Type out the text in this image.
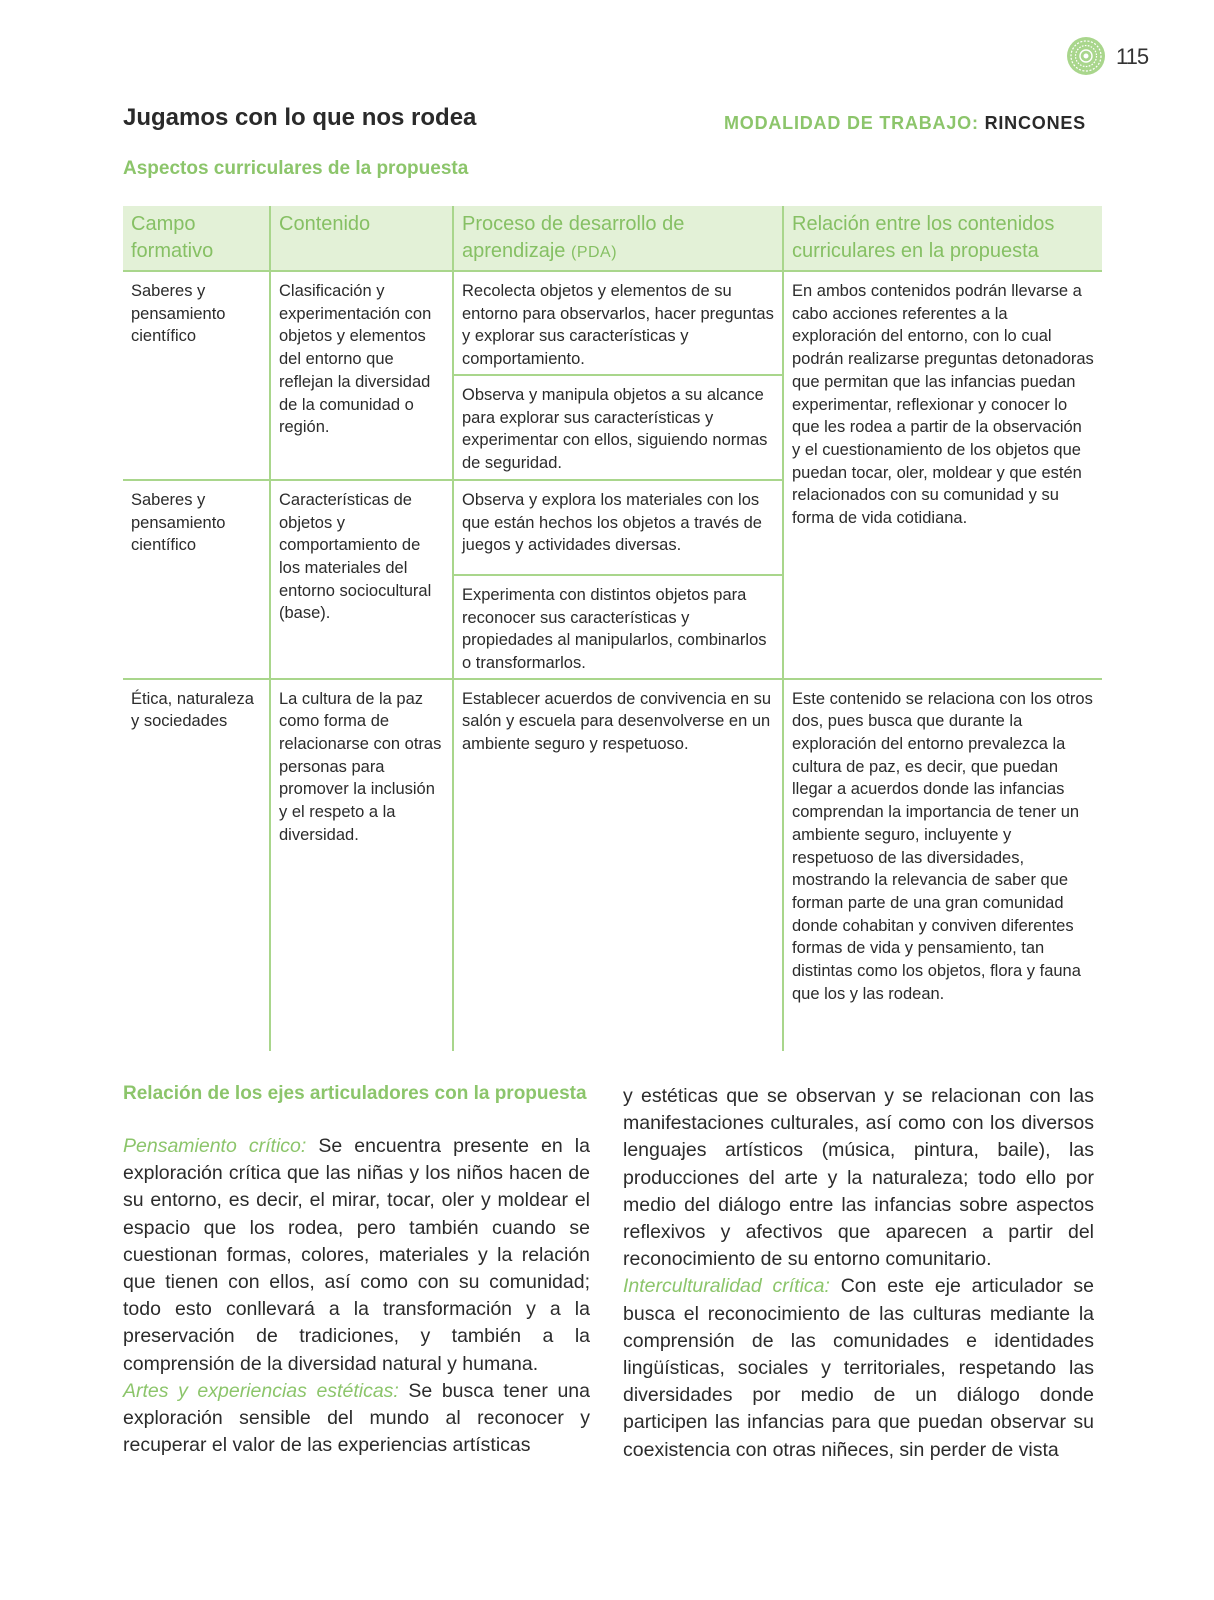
115
Jugamos con lo que nos rodea	MODALIDAD DE TRABAJO: RINCONES
Aspectos curriculares de la propuesta
Campo formativo	Contenido	Proceso de desarrollo de aprendizaje (PDA)	Relación entre los contenidos curriculares en la propuesta
Saberes y pensamiento científico	Clasificación y experimentación con objetos y elementos del entorno que reflejan la diversidad de la comunidad o región.	Recolecta objetos y elementos de su entorno para observarlos, hacer preguntas y explorar sus características y comportamiento.	En ambos contenidos podrán llevarse a cabo acciones referentes a la exploración del entorno, con lo cual podrán realizarse preguntas detonadoras que permitan que las infancias puedan experimentar, reflexionar y conocer lo que les rodea a partir de la observación y el cuestionamiento de los objetos que puedan tocar, oler, moldear y que estén relacionados con su comunidad y su forma de vida cotidiana.
		Observa y manipula objetos a su alcance para explorar sus características y experimentar con ellos, siguiendo normas de seguridad.	
Saberes y pensamiento científico	Características de objetos y comportamiento de los materiales del entorno sociocultural (base).	Observa y explora los materiales con los que están hechos los objetos a través de juegos y actividades diversas.	
		Experimenta con distintos objetos para reconocer sus características y propiedades al manipularlos, combinarlos o transformarlos.	
Ética, naturaleza y sociedades	La cultura de la paz como forma de relacionarse con otras personas para promover la inclusión y el respeto a la diversidad.	Establecer acuerdos de convivencia en su salón y escuela para desenvolverse en un ambiente seguro y respetuoso.	Este contenido se relaciona con los otros dos, pues busca que durante la exploración del entorno prevalezca la cultura de paz, es decir, que puedan llegar a acuerdos donde las infancias comprendan la importancia de tener un ambiente seguro, incluyente y respetuoso de las diversidades, mostrando la relevancia de saber que forman parte de una gran comunidad donde cohabitan y conviven diferentes formas de vida y pensamiento, tan distintas como los objetos, flora y fauna que los y las rodean.
Relación de los ejes articuladores con la propuesta

Pensamiento crítico: Se encuentra presente en la exploración crítica que las niñas y los niños hacen de su entorno, es decir, el mirar, tocar, oler y moldear el espacio que los rodea, pero también cuando se cuestionan formas, colores, materiales y la relación que tienen con ellos, así como con su comunidad; todo esto conllevará a la transformación y a la preservación de tradiciones, y también a la comprensión de la diversidad natural y humana.

Artes y experiencias estéticas: Se busca tener una exploración sensible del mundo al reconocer y recuperar el valor de las experiencias artísticas

y estéticas que se observan y se relacionan con las manifestaciones culturales, así como con los diversos lenguajes artísticos (música, pintura, baile), las producciones del arte y la naturaleza; todo ello por medio del diálogo entre las infancias sobre aspectos reflexivos y afectivos que aparecen a partir del reconocimiento de su entorno comunitario.

Interculturalidad crítica: Con este eje articulador se busca el reconocimiento de las culturas mediante la comprensión de las comunidades e identidades lingüísticas, sociales y territoriales, respetando las diversidades por medio de un diálogo donde participen las infancias para que puedan observar su coexistencia con otras niñeces, sin perder de vista
